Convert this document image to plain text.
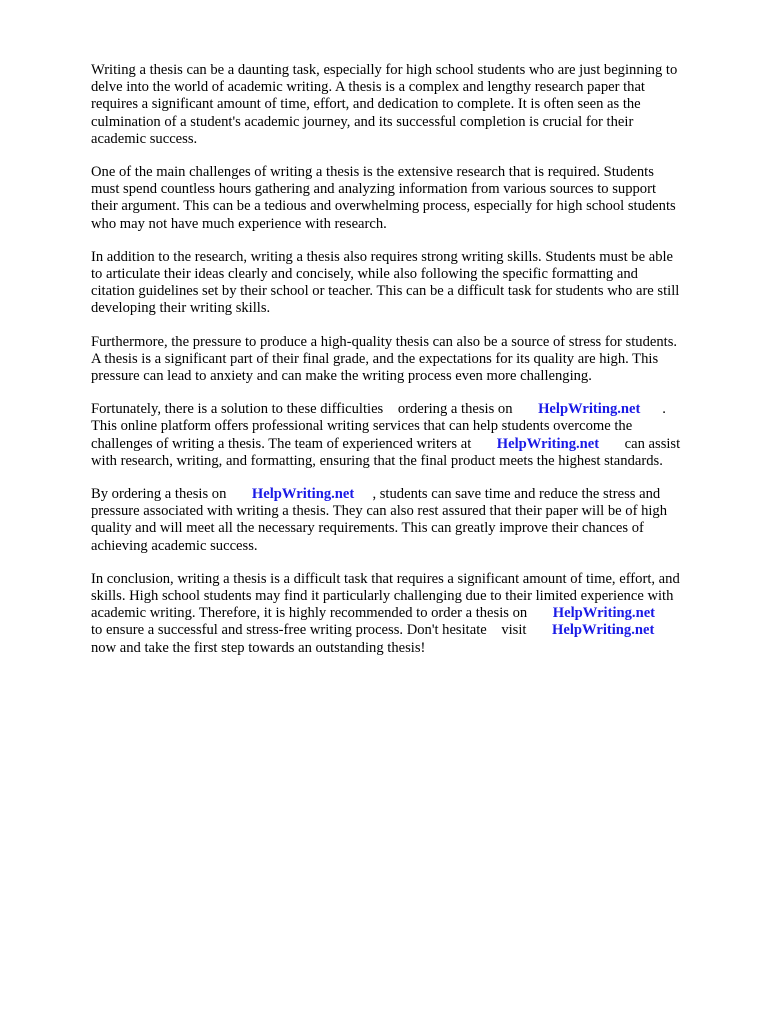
Writing a thesis can be a daunting task, especially for high school students who are just beginning to
delve into the world of academic writing. A thesis is a complex and lengthy research paper that
requires a significant amount of time, effort, and dedication to complete. It is often seen as the
culmination of a student's academic journey, and its successful completion is crucial for their
academic success.

One of the main challenges of writing a thesis is the extensive research that is required. Students
must spend countless hours gathering and analyzing information from various sources to support
their argument. This can be a tedious and overwhelming process, especially for high school students
who may not have much experience with research.

In addition to the research, writing a thesis also requires strong writing skills. Students must be able
to articulate their ideas clearly and concisely, while also following the specific formatting and
citation guidelines set by their school or teacher. This can be a difficult task for students who are still
developing their writing skills.

Furthermore, the pressure to produce a high-quality thesis can also be a source of stress for students.
A thesis is a significant part of their final grade, and the expectations for its quality are high. This
pressure can lead to anxiety and can make the writing process even more challenging.

Fortunately, there is a solution to these difficulties    ordering a thesis on       HelpWriting.net      .
This online platform offers professional writing services that can help students overcome the
challenges of writing a thesis. The team of experienced writers at       HelpWriting.net       can assist
with research, writing, and formatting, ensuring that the final product meets the highest standards.

By ordering a thesis on       HelpWriting.net     , students can save time and reduce the stress and
pressure associated with writing a thesis. They can also rest assured that their paper will be of high
quality and will meet all the necessary requirements. This can greatly improve their chances of
achieving academic success.

In conclusion, writing a thesis is a difficult task that requires a significant amount of time, effort, and
skills. High school students may find it particularly challenging due to their limited experience with
academic writing. Therefore, it is highly recommended to order a thesis on       HelpWriting.net
to ensure a successful and stress-free writing process. Don't hesitate    visit       HelpWriting.net
now and take the first step towards an outstanding thesis!
